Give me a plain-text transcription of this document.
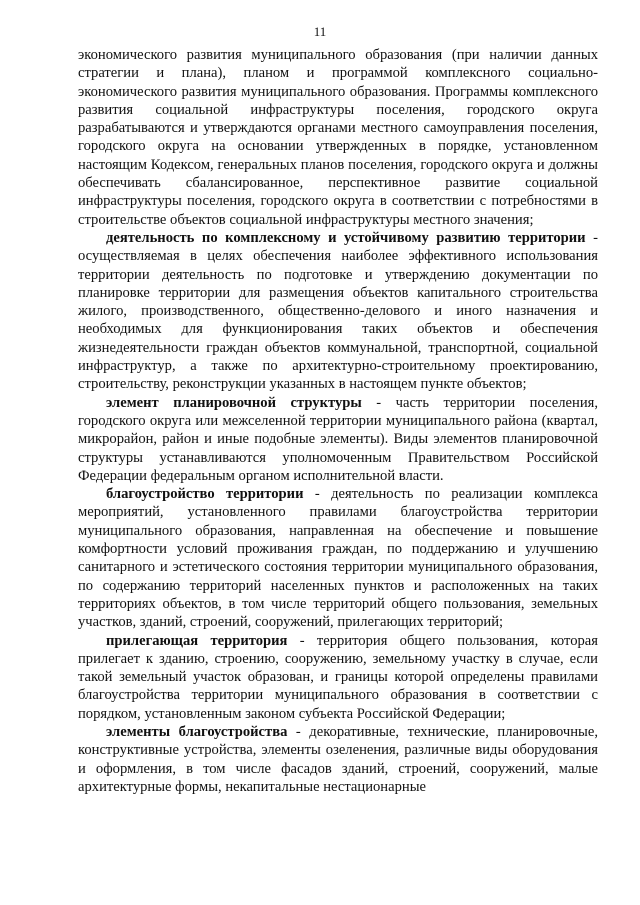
11

экономического развития муниципального образования (при наличии данных стратегии и плана), планом и программой комплексного социально-экономического развития муниципального образования. Программы комплексного развития социальной инфраструктуры поселения, городского округа разрабатываются и утверждаются органами местного самоуправления поселения, городского округа на основании утвержденных в порядке, установленном настоящим Кодексом, генеральных планов поселения, городского округа и должны обеспечивать сбалансированное, перспективное развитие социальной инфраструктуры поселения, городского округа в соответствии с потребностями в строительстве объектов социальной инфраструктуры местного значения;

деятельность по комплексному и устойчивому развитию территории - осуществляемая в целях обеспечения наиболее эффективного использования территории деятельность по подготовке и утверждению документации по планировке территории для размещения объектов капитального строительства жилого, производственного, общественно-делового и иного назначения и необходимых для функционирования таких объектов и обеспечения жизнедеятельности граждан объектов коммунальной, транспортной, социальной инфраструктур, а также по архитектурно-строительному проектированию, строительству, реконструкции указанных в настоящем пункте объектов;

элемент планировочной структуры - часть территории поселения, городского округа или межселенной территории муниципального района (квартал, микрорайон, район и иные подобные элементы). Виды элементов планировочной структуры устанавливаются уполномоченным Правительством Российской Федерации федеральным органом исполнительной власти.

благоустройство территории - деятельность по реализации комплекса мероприятий, установленного правилами благоустройства территории муниципального образования, направленная на обеспечение и повышение комфортности условий проживания граждан, по поддержанию и улучшению санитарного и эстетического состояния территории муниципального образования, по содержанию территорий населенных пунктов и расположенных на таких территориях объектов, в том числе территорий общего пользования, земельных участков, зданий, строений, сооружений, прилегающих территорий;

прилегающая территория - территория общего пользования, которая прилегает к зданию, строению, сооружению, земельному участку в случае, если такой земельный участок образован, и границы которой определены правилами благоустройства территории муниципального образования в соответствии с порядком, установленным законом субъекта Российской Федерации;

элементы благоустройства - декоративные, технические, планировочные, конструктивные устройства, элементы озеленения, различные виды оборудования и оформления, в том числе фасадов зданий, строений, сооружений, малые архитектурные формы, некапитальные нестационарные
